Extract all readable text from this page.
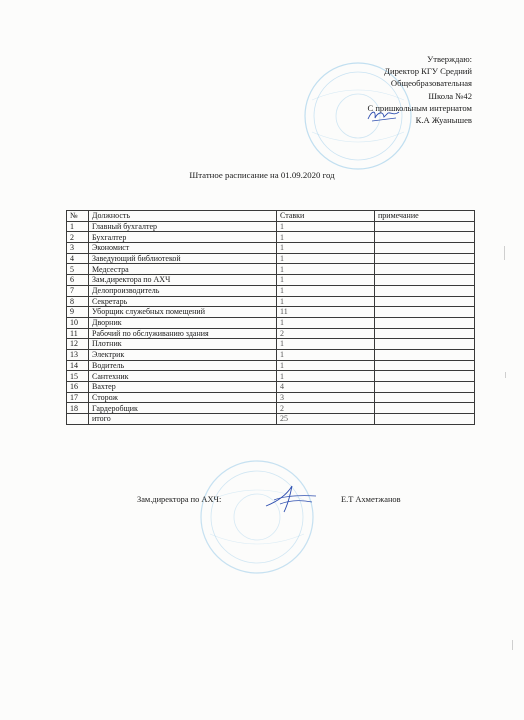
Утверждаю:
Директор КГУ Средний
Общеобразовательная
Школа №42
С пришкольным интернатом
К.А Жуанышев
Штатное расписание на 01.09.2020 год
№	Должность	Ставки	примечание
1	Главный бухгалтер	1	
2	Бухгалтер	1	
3	Экономист	1	
4	Заведующий библиотекой	1	
5	Медсестра	1	
6	Зам.директора по АХЧ	1	
7	Делопроизводитель	1	
8	Секретарь	1	
9	Уборщик служебных помещений	11	
10	Дворник	1	
11	Рабочий по обслуживанию здания	2	
12	Плотник	1	
13	Электрик	1	
14	Водитель	1	
15	Сантехник	1	
16	Вахтер	4	
17	Сторож	3	
18	Гардеробщик	2	
	итого	25	
Зам.директора по АХЧ:	Е.Т Ахметжанов
